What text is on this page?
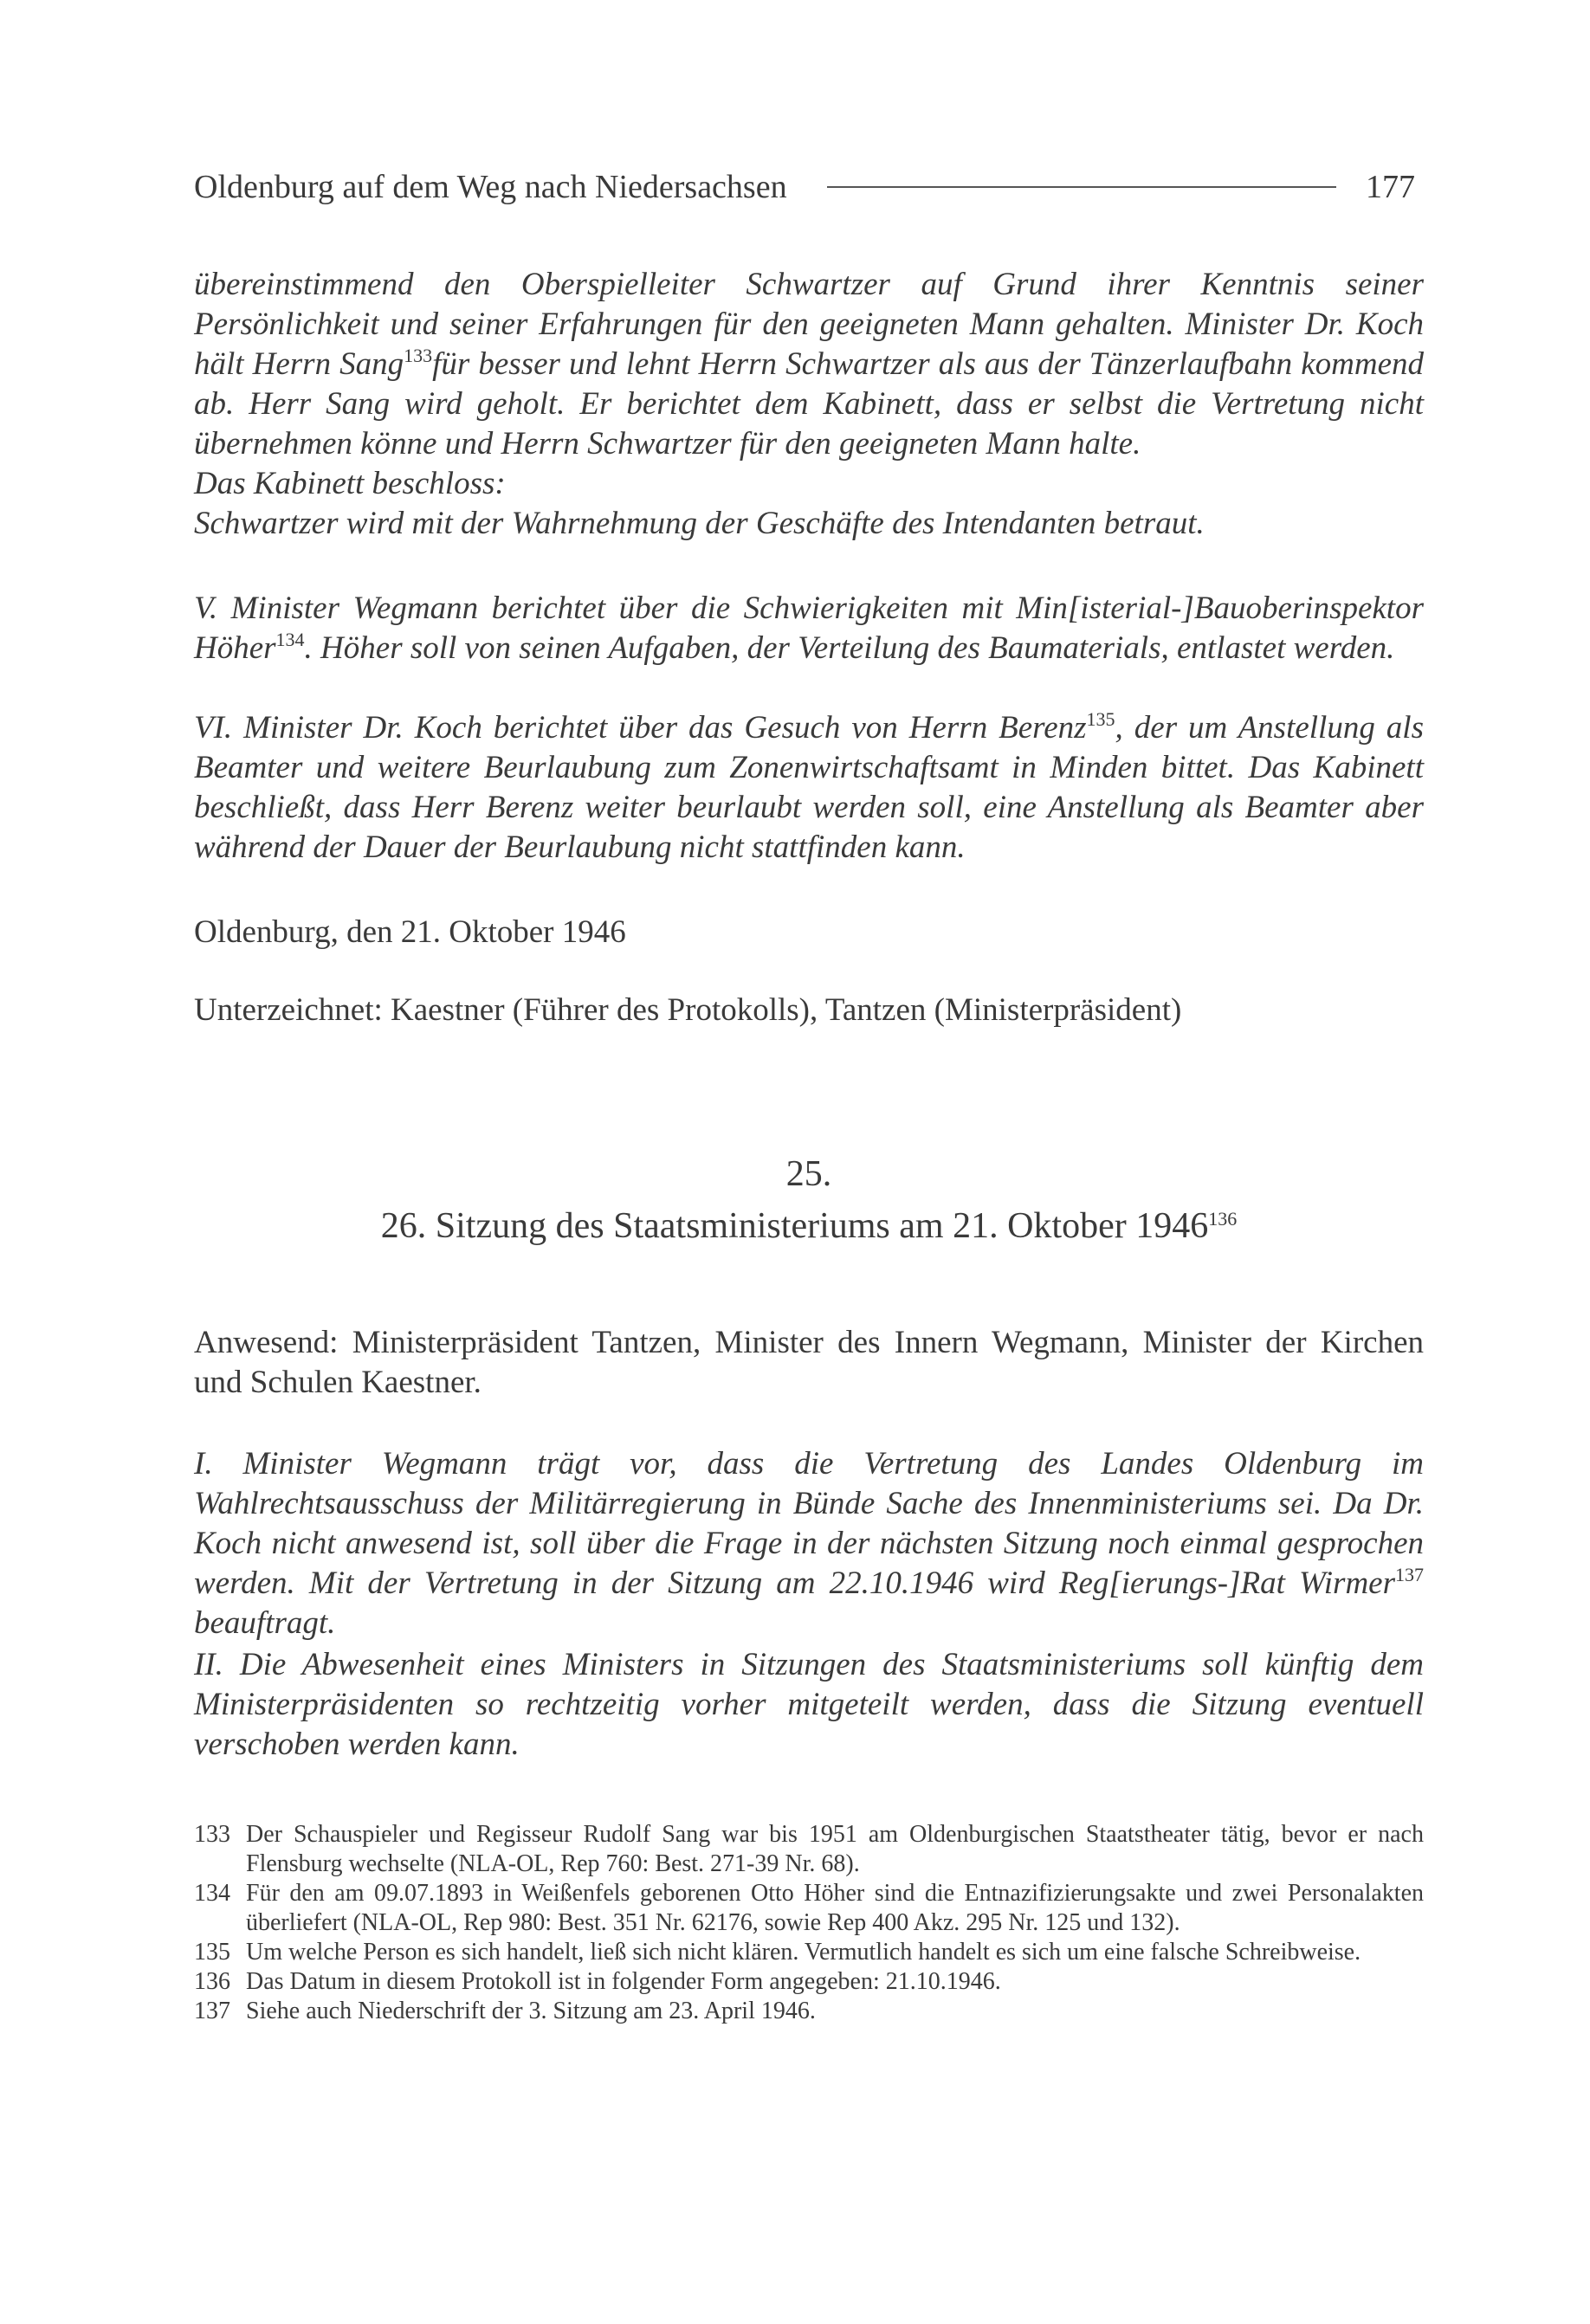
Oldenburg auf dem Weg nach Niedersachsen	177

übereinstimmend den Oberspielleiter Schwartzer auf Grund ihrer Kenntnis seiner Persönlichkeit und seiner Erfahrungen für den geeigneten Mann gehalten. Minister Dr. Koch hält Herrn Sang$^{133}$für besser und lehnt Herrn Schwartzer als aus der Tänzerlaufbahn kommend ab. Herr Sang wird geholt. Er berichtet dem Kabinett, dass er selbst die Vertretung nicht übernehmen könne und Herrn Schwartzer für den geeigneten Mann halte.

Das Kabinett beschloss:

Schwartzer wird mit der Wahrnehmung der Geschäfte des Intendanten betraut.

V. Minister Wegmann berichtet über die Schwierigkeiten mit Min[isterial-]Bauoberinspektor Höher$^{134}$. Höher soll von seinen Aufgaben, der Verteilung des Baumaterials, entlastet werden.

VI. Minister Dr. Koch berichtet über das Gesuch von Herrn Berenz$^{135}$, der um Anstellung als Beamter und weitere Beurlaubung zum Zonenwirtschaftsamt in Minden bittet. Das Kabinett beschließt, dass Herr Berenz weiter beurlaubt werden soll, eine Anstellung als Beamter aber während der Dauer der Beurlaubung nicht stattfinden kann.

Oldenburg, den 21. Oktober 1946
Unterzeichnet: Kaestner (Führer des Protokolls), Tantzen (Ministerpräsident)
25.
26. Sitzung des Staatsministeriums am 21. Oktober 1946$^{136}$
Anwesend: Ministerpräsident Tantzen, Minister des Innern Wegmann, Minister der Kirchen und Schulen Kaestner.

I. Minister Wegmann trägt vor, dass die Vertretung des Landes Oldenburg im Wahlrechtsausschuss der Militärregierung in Bünde Sache des Innenministeriums sei. Da Dr. Koch nicht anwesend ist, soll über die Frage in der nächsten Sitzung noch einmal gesprochen werden. Mit der Vertretung in der Sitzung am 22.10.1946 wird Reg[ierungs-]Rat Wirmer$^{137}$ beauftragt.

II. Die Abwesenheit eines Ministers in Sitzungen des Staatsministeriums soll künftig dem Ministerpräsidenten so rechtzeitig vorher mitgeteilt werden, dass die Sitzung eventuell verschoben werden kann.
133 Der Schauspieler und Regisseur Rudolf Sang war bis 1951 am Oldenburgischen Staatstheater tätig, bevor er nach Flensburg wechselte (NLA-OL, Rep 760: Best. 271-39 Nr. 68).
134 Für den am 09.07.1893 in Weißenfels geborenen Otto Höher sind die Entnazifizierungsakte und zwei Personalakten überliefert (NLA-OL, Rep 980: Best. 351 Nr. 62176, sowie Rep 400 Akz. 295 Nr. 125 und 132).
135 Um welche Person es sich handelt, ließ sich nicht klären. Vermutlich handelt es sich um eine falsche Schreibweise.
136 Das Datum in diesem Protokoll ist in folgender Form angegeben: 21.10.1946.
137 Siehe auch Niederschrift der 3. Sitzung am 23. April 1946.
